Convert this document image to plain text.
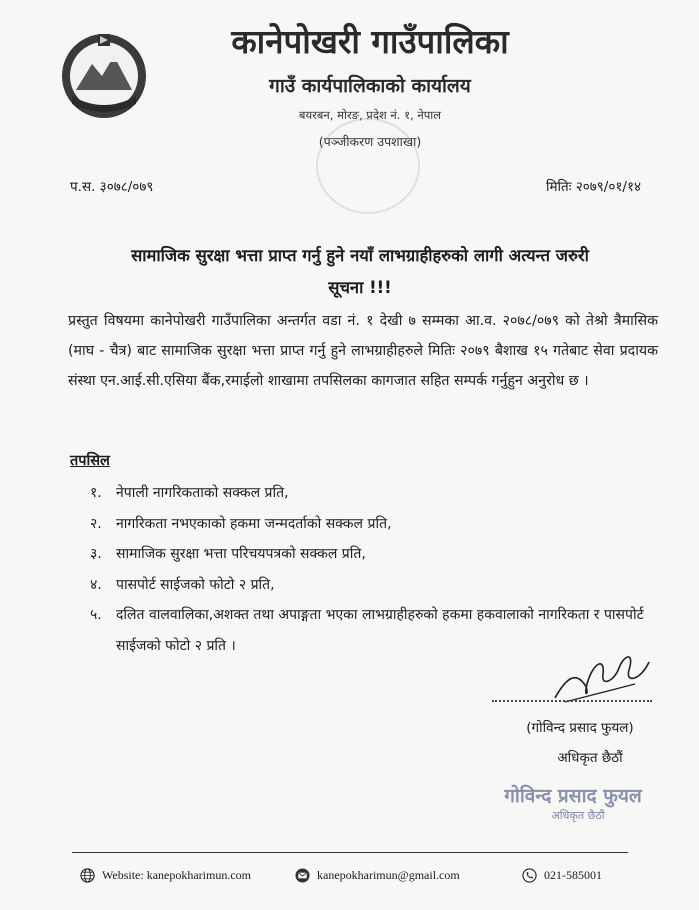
कानेपोखरी गाउँपालिका
गाउँ कार्यपालिकाको कार्यालय
बयरबन, मोरङ, प्रदेश नं. १, नेपाल
(पञ्जीकरण उपशाखा)
प.स. ३०७८/०७९	मितिः २०७९/०१/१४
सामाजिक सुरक्षा भत्ता प्राप्त गर्नु हुने नयाँ लाभग्राहीहरुको लागी अत्यन्त जरुरी
सूचना !!!
प्रस्तुत विषयमा कानेपोखरी गाउँपालिका अन्तर्गत वडा नं. १ देखी ७ सम्मका आ.व. २०७८/०७९ को तेश्रो त्रैमासिक (माघ - चैत्र) बाट सामाजिक सुरक्षा भत्ता प्राप्त गर्नु हुने लाभग्राहीहरुले मितिः २०७९ बैशाख १५ गतेबाट सेवा प्रदायक संस्था एन.आई.सी.एसिया बैंक,रमाईलो शाखामा तपसिलका कागजात सहित सम्पर्क गर्नुहुन अनुरोध छ ।
तपसिल
१. नेपाली नागरिकताको सक्कल प्रति,
२. नागरिकता नभएकाको हकमा जन्मदर्ताको सक्कल प्रति,
३. सामाजिक सुरक्षा भत्ता परिचयपत्रको सक्कल प्रति,
४. पासपोर्ट साईजको फोटो २ प्रति,
५. दलित वालवालिका,अशक्त तथा अपाङ्गता भएका लाभग्राहीहरुको हकमा हकवालाको नागरिकता र पासपोर्ट साईजको फोटो २ प्रति ।
(गोविन्द प्रसाद फुयल)
अधिकृत छैठौं
गोविन्द प्रसाद फुयल
अधिकृत छैठौं
Website: kanepokharimun.com	kanepokharimun@gmail.com	021-585001
